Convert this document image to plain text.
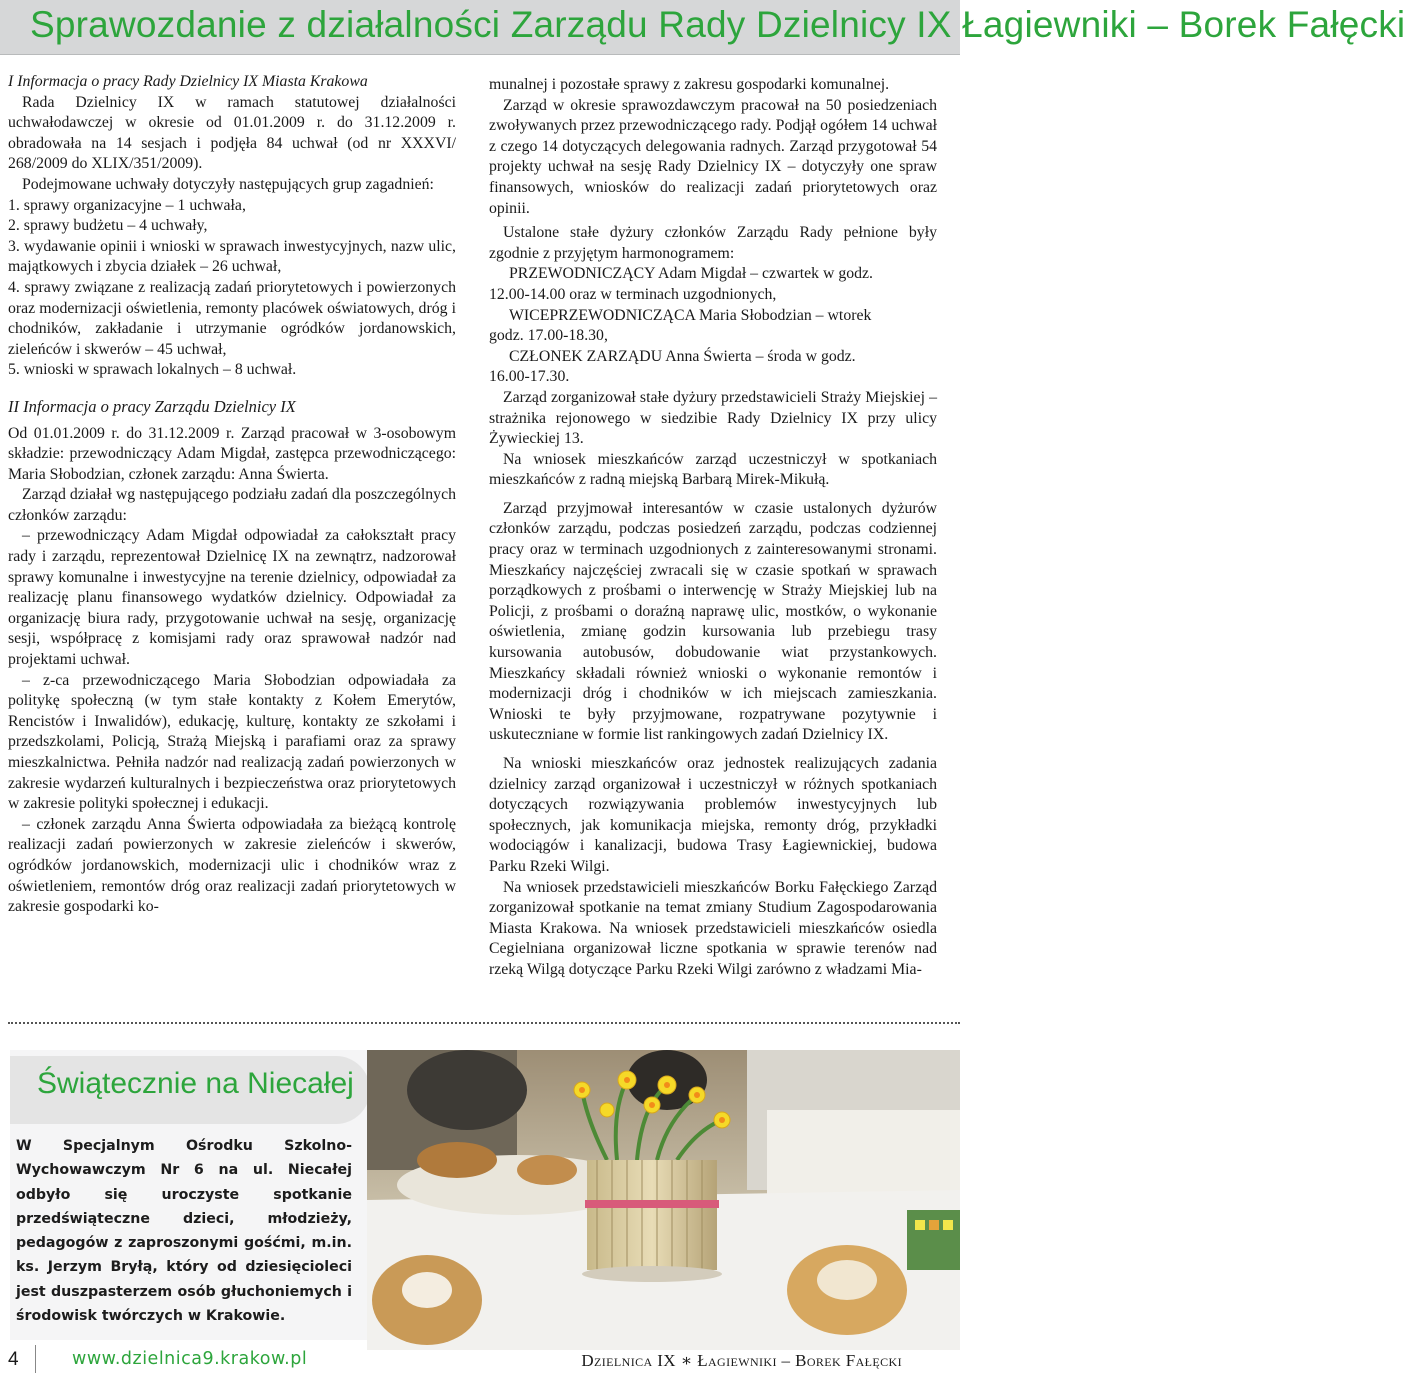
Sprawozdanie z działalności Zarządu Rady Dzielnicy IX Łagiewniki – Borek Fałęcki

I Informacja o pracy Rady Dzielnicy IX Miasta Krakowa

Rada Dzielnicy IX w ramach statutowej działalności uchwałodawczej w okresie od 01.01.2009 r. do 31.12.2009 r. obradowała na 14 sesjach i podjęła 84 uchwał (od nr XXXVI/ 268/2009 do XLIX/351/2009).

Podejmowane uchwały dotyczyły następujących grup zagadnień:

1. sprawy organizacyjne – 1 uchwała,

2. sprawy budżetu – 4 uchwały,

3. wydawanie opinii i wnioski w sprawach inwestycyjnych, nazw ulic, majątkowych i zbycia działek – 26 uchwał,

4. sprawy związane z realizacją zadań priorytetowych i powierzonych oraz modernizacji oświetlenia, remonty placówek oświatowych, dróg i chodników, zakładanie i utrzymanie ogródków jordanowskich, zieleńców i skwerów – 45 uchwał,

5. wnioski w sprawach lokalnych – 8 uchwał.

II Informacja o pracy Zarządu Dzielnicy IX

Od 01.01.2009 r. do 31.12.2009 r. Zarząd pracował w 3-osobowym składzie: przewodniczący Adam Migdał, zastępca przewodniczącego: Maria Słobodzian, członek zarządu: Anna Świerta.

Zarząd działał wg następującego podziału zadań dla poszczególnych członków zarządu:

– przewodniczący Adam Migdał odpowiadał za całokształt pracy rady i zarządu, reprezentował Dzielnicę IX na zewnątrz, nadzorował sprawy komunalne i inwestycyjne na terenie dzielnicy, odpowiadał za realizację planu finansowego wydatków dzielnicy. Odpowiadał za organizację biura rady, przygotowanie uchwał na sesję, organizację sesji, współpracę z komisjami rady oraz sprawował nadzór nad projektami uchwał.

– z-ca przewodniczącego Maria Słobodzian odpowiadała za politykę społeczną (w tym stałe kontakty z Kołem Emerytów, Rencistów i Inwalidów), edukację, kulturę, kontakty ze szkołami i przedszkolami, Policją, Strażą Miejską i parafiami oraz za sprawy mieszkalnictwa. Pełniła nadzór nad realizacją zadań powierzonych w zakresie wydarzeń kulturalnych i bezpieczeństwa oraz priorytetowych w zakresie polityki społecznej i edukacji.

– członek zarządu Anna Świerta odpowiadała za bieżącą kontrolę realizacji zadań powierzonych w zakresie zieleńców i skwerów, ogródków jordanowskich, modernizacji ulic i chodników wraz z oświetleniem, remontów dróg oraz realizacji zadań priorytetowych w zakresie gospodarki ko-

munalnej i pozostałe sprawy z zakresu gospodarki komunalnej.

Zarząd w okresie sprawozdawczym pracował na 50 posiedzeniach zwoływanych przez przewodniczącego rady. Podjął ogółem 14 uchwał z czego 14 dotyczących delegowania radnych. Zarząd przygotował 54 projekty uchwał na sesję Rady Dzielnicy IX – dotyczyły one spraw finansowych, wniosków do realizacji zadań priorytetowych oraz opinii.

Ustalone stałe dyżury członków Zarządu Rady pełnione były zgodnie z przyjętym harmonogramem:

PRZEWODNICZĄCY Adam Migdał – czwartek w godz.

12.00-14.00 oraz w terminach uzgodnionych,

WICEPRZEWODNICZĄCA Maria Słobodzian – wtorek

godz. 17.00-18.30,

CZŁONEK ZARZĄDU Anna Świerta – środa w godz.

16.00-17.30.

Zarząd zorganizował stałe dyżury przedstawicieli Straży Miejskiej – strażnika rejonowego w siedzibie Rady Dzielnicy IX przy ulicy Żywieckiej 13.

Na wniosek mieszkańców zarząd uczestniczył w spotkaniach mieszkańców z radną miejską Barbarą Mirek-Mikułą.

Zarząd przyjmował interesantów w czasie ustalonych dyżurów członków zarządu, podczas posiedzeń zarządu, podczas codziennej pracy oraz w terminach uzgodnionych z zainteresowanymi stronami. Mieszkańcy najczęściej zwracali się w czasie spotkań w sprawach porządkowych z prośbami o interwencję w Straży Miejskiej lub na Policji, z prośbami o doraźną naprawę ulic, mostków, o wykonanie oświetlenia, zmianę godzin kursowania lub przebiegu trasy kursowania autobusów, dobudowanie wiat przystankowych. Mieszkańcy składali również wnioski o wykonanie remontów i modernizacji dróg i chodników w ich miejscach zamieszkania. Wnioski te były przyjmowane, rozpatrywane pozytywnie i uskuteczniane w formie list rankingowych zadań Dzielnicy IX.

Na wnioski mieszkańców oraz jednostek realizujących zadania dzielnicy zarząd organizował i uczestniczył w różnych spotkaniach dotyczących rozwiązywania problemów inwestycyjnych lub społecznych, jak komunikacja miejska, remonty dróg, przykładki wodociągów i kanalizacji, budowa Trasy Łagiewnickiej, budowa Parku Rzeki Wilgi.

Na wniosek przedstawicieli mieszkańców Borku Fałęckiego Zarząd zorganizował spotkanie na temat zmiany Studium Zagospodarowania Miasta Krakowa. Na wniosek przedstawicieli mieszkańców osiedla Cegielniana organizował liczne spotkania w sprawie terenów nad rzeką Wilgą dotyczące Parku Rzeki Wilgi zarówno z władzami Mia-

Świątecznie na Niecałej
W Specjalnym Ośrodku Szkolno-Wychowawczym Nr 6 na ul. Niecałej odbyło się uroczyste spotkanie przedświąteczne dzieci, młodzieży, pedagogów z zaproszonymi gośćmi, m.in. ks. Jerzym Bryłą, który od dziesięcioleci jest duszpasterzem osób głuchoniemych i środowisk twórczych w Krakowie.
4	www.dzielnica9.krakow.pl	Dzielnica IX ∗ Łagiewniki – Borek Fałęcki
